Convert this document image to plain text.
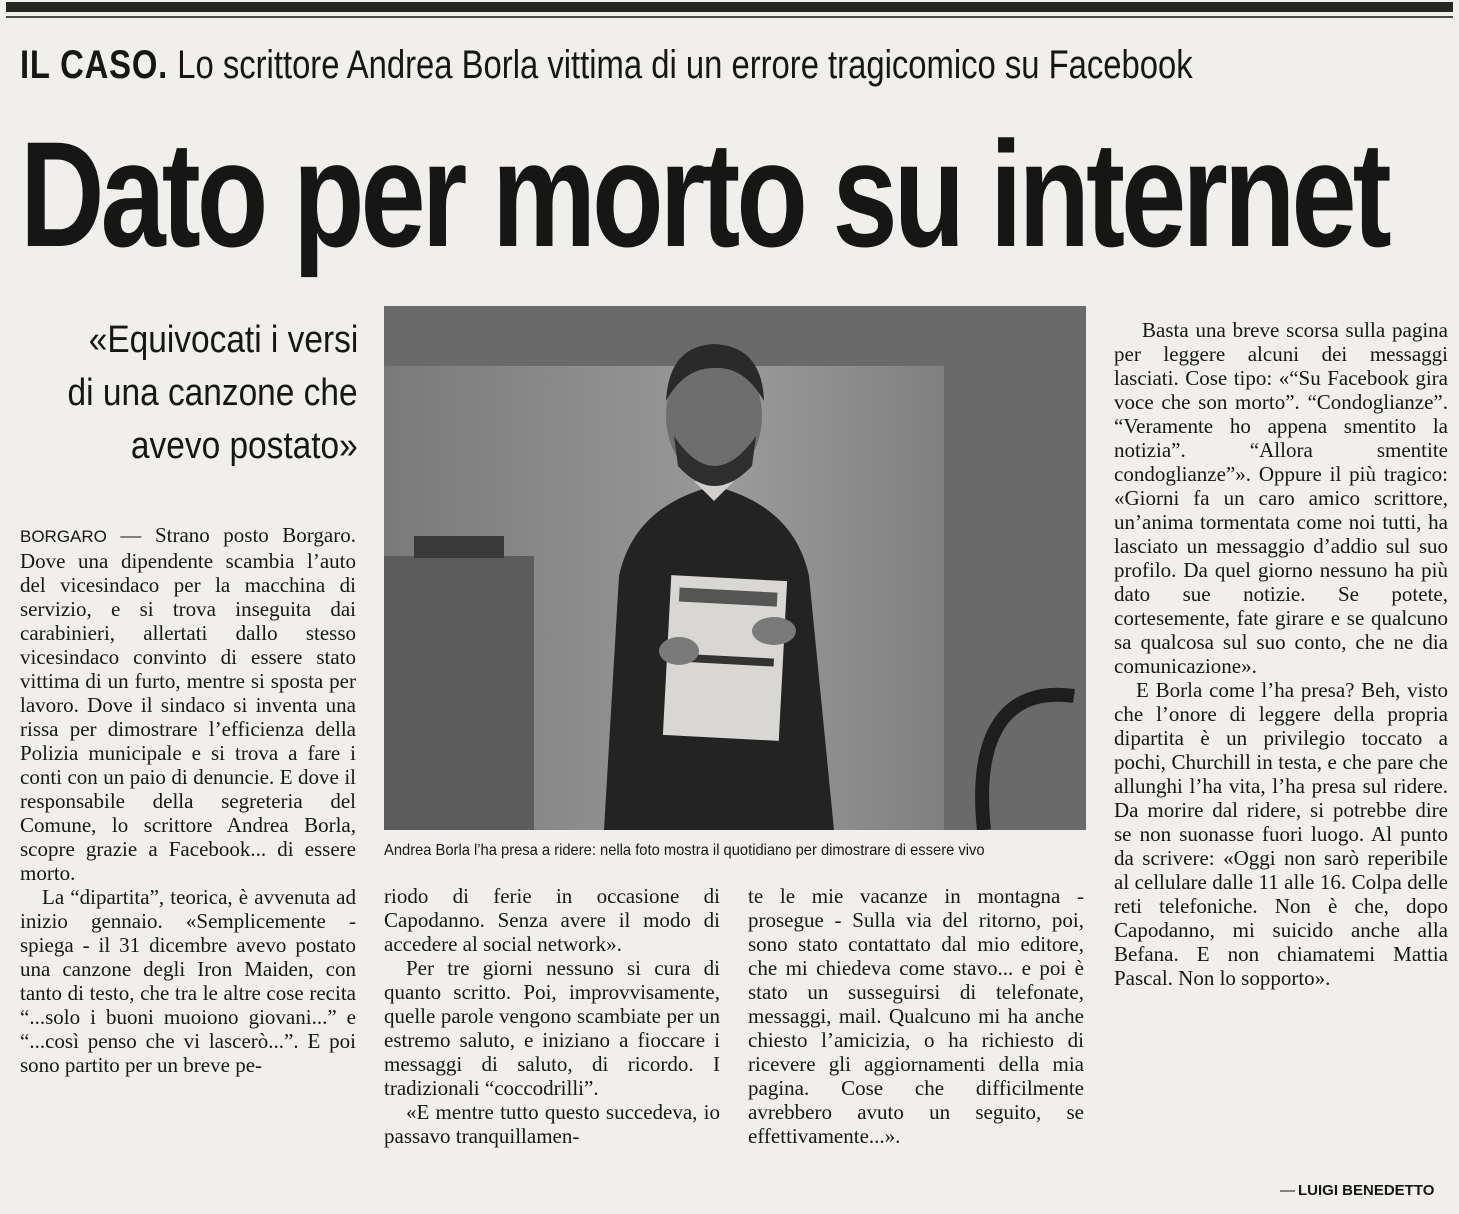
IL CASO. Lo scrittore Andrea Borla vittima di un errore tragicomico su Facebook
Dato per morto su internet
«Equivocati i versi
di una canzone che
avevo postato»

BORGARO — Strano posto Borgaro. Dove una dipendente scambia l’auto del vicesindaco per la macchina di servizio, e si trova inseguita dai carabinieri, allertati dallo stesso vicesindaco convinto di essere stato vittima di un furto, mentre si sposta per lavoro. Dove il sindaco si inventa una rissa per dimostrare l’efficienza della Polizia municipale e si trova a fare i conti con un paio di denuncie. E dove il responsabile della segreteria del Comune, lo scrittore Andrea Borla, scopre grazie a Facebook... di essere morto.

La “dipartita”, teorica, è avvenuta ad inizio gennaio. «Semplicemente - spiega - il 31 dicembre avevo postato una canzone degli Iron Maiden, con tanto di testo, che tra le altre cose recita “...solo i buoni muoiono giovani...” e “...così penso che vi lascerò...”. E poi sono partito per un breve pe-

Andrea Borla l’ha presa a ridere: nella foto mostra il quotidiano per dimostrare di essere vivo

riodo di ferie in occasione di Capodanno. Senza avere il modo di accedere al social network».

Per tre giorni nessuno si cura di quanto scritto. Poi, improvvisamente, quelle parole vengono scambiate per un estremo saluto, e iniziano a fioccare i messaggi di saluto, di ricordo. I tradizionali “coccodrilli”.

«E mentre tutto questo succedeva, io passavo tranquillamen-

te le mie vacanze in montagna - prosegue - Sulla via del ritorno, poi, sono stato contattato dal mio editore, che mi chiedeva come stavo... e poi è stato un susseguirsi di telefonate, messaggi, mail. Qualcuno mi ha anche chiesto l’amicizia, o ha richiesto di ricevere gli aggiornamenti della mia pagina. Cose che difficilmente avrebbero avuto un seguito, se effettivamente...».

Basta una breve scorsa sulla pagina per leggere alcuni dei messaggi lasciati. Cose tipo: «“Su Facebook gira voce che son morto”. “Condoglianze”. “Veramente ho appena smentito la notizia”. “Allora smentite condoglianze”». Oppure il più tragico: «Giorni fa un caro amico scrittore, un’anima tormentata come noi tutti, ha lasciato un messaggio d’addio sul suo profilo. Da quel giorno nessuno ha più dato sue notizie. Se potete, cortesemente, fate girare e se qualcuno sa qualcosa sul suo conto, che ne dia comunicazione».

E Borla come l’ha presa? Beh, visto che l’onore di leggere della propria dipartita è un privilegio toccato a pochi, Churchill in testa, e che pare che allunghi l’ha vita, l’ha presa sul ridere. Da morire dal ridere, si potrebbe dire se non suonasse fuori luogo. Al punto da scrivere: «Oggi non sarò reperibile al cellulare dalle 11 alle 16. Colpa delle reti telefoniche. Non è che, dopo Capodanno, mi suicido anche alla Befana. E non chiamatemi Mattia Pascal. Non lo sopporto».

— LUIGI BENEDETTO
